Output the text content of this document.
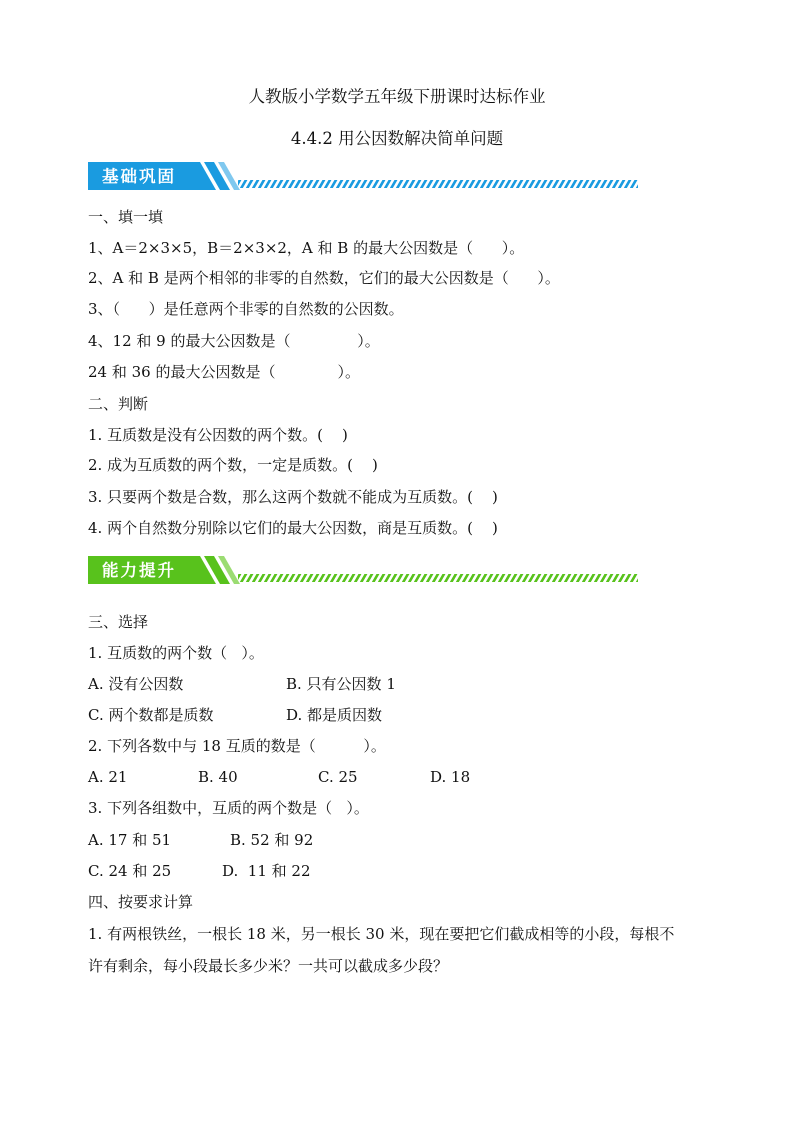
人教版小学数学五年级下册课时达标作业
4.4.2 用公因数解决简单问题
基础巩固
一、填一填
1、A＝2×3×5，B＝2×3×2，A 和 B 的最大公因数是（      ）。
2、A 和 B 是两个相邻的非零的自然数，它们的最大公因数是（      ）。
3、（      ）是任意两个非零的自然数的公因数。
4、12 和 9 的最大公因数是（              ）。
24 和 36 的最大公因数是（             ）。
二、判断
1. 互质数是没有公因数的两个数。(    )
2. 成为互质数的两个数，一定是质数。(    )
3. 只要两个数是合数，那么这两个数就不能成为互质数。(    )
4. 两个自然数分别除以它们的最大公因数，商是互质数。(    )
能力提升
三、选择
1. 互质数的两个数（   ）。
A. 没有公因数	B. 只有公因数 1
C. 两个数都是质数	D. 都是质因数
2. 下列各数中与 18 互质的数是（          ）。
A. 21	B. 40	C. 25	D. 18
3. 下列各组数中，互质的两个数是（   ）。
A. 17 和 51	B. 52 和 92
C. 24 和 25	D.  11 和 22
四、按要求计算
1. 有两根铁丝，一根长 18 米，另一根长 30 米，现在要把它们截成相等的小段，每根不
许有剩余，每小段最长多少米？一共可以截成多少段？
